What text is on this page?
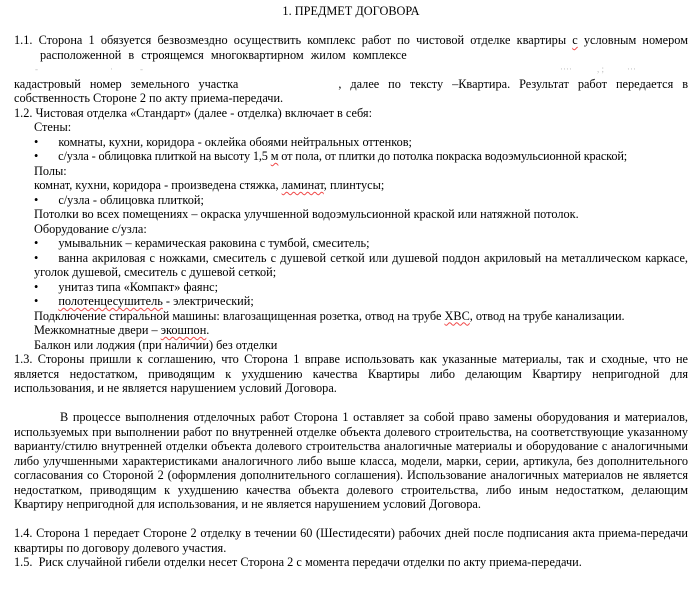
1. ПРЕДМЕТ ДОГОВОРА
1.1. Сторона 1 обязуется безвозмездно осуществить комплекс работ по чистовой отделке квартиры с условным номером
расположенной в строящемся многоквартирном жилом комплексе
‑	·	‑	····	, ;	···
кадастровый номер земельного участка	, далее по тексту –Квартира. Результат работ передается в
собственность Стороне 2 по акту приема-передачи.
1.2. Чистовая отделка «Стандарт» (далее - отделка) включает в себя:
Стены:
• комнаты, кухни, коридора - оклейка обоями нейтральных оттенков;
• с/узла - облицовка плиткой на высоту 1,5 м от пола, от плитки до потолка покраска водоэмульсионной краской;
Полы:
комнат, кухни, коридора - произведена стяжка, ламинат, плинтусы;
• с/узла - облицовка плиткой;
Потолки во всех помещениях – окраска улучшенной водоэмульсионной краской или натяжной потолок.
Оборудование с/узла:
• умывальник – керамическая раковина с тумбой, смеситель;
• ванна акриловая с ножками, смеситель с душевой сеткой или душевой поддон акриловый на металлическом каркасе, уголок душевой, смеситель с душевой сеткой;
• унитаз типа «Компакт» фаянс;
• полотенцесушитель - электрический;
Подключение стиральной машины: влагозащищенная розетка, отвод на трубе ХВС, отвод на трубе канализации.
Межкомнатные двери – экошпон.
Балкон или лоджия (при наличии) без отделки
1.3. Стороны пришли к соглашению, что Сторона 1 вправе использовать как указанные материалы, так и сходные, что не является недостатком, приводящим к ухудшению качества Квартиры либо делающим Квартиру непригодной для использования, и не является нарушением условий Договора.
В процессе выполнения отделочных работ Сторона 1 оставляет за собой право замены оборудования и материалов, используемых при выполнении работ по внутренней отделке объекта долевого строительства, на соответствующие указанному варианту/стилю внутренней отделки объекта долевого строительства аналогичные материалы и оборудование с аналогичными либо улучшенными характеристиками аналогичного либо выше класса, модели, марки, серии, артикула, без дополнительного согласования со Стороной 2 (оформления дополнительного соглашения). Использование аналогичных материалов не является недостатком, приводящим к ухудшению качества объекта долевого строительства, либо иным недостатком, делающим Квартиру непригодной для использования, и не является нарушением условий Договора.
1.4. Сторона 1 передает Стороне 2 отделку в течении 60 (Шестидесяти) рабочих дней после подписания акта приема-передачи квартиры по договору долевого участия.
1.5.  Риск случайной гибели отделки несет Сторона 2 с момента передачи отделки по акту приема-передачи.
